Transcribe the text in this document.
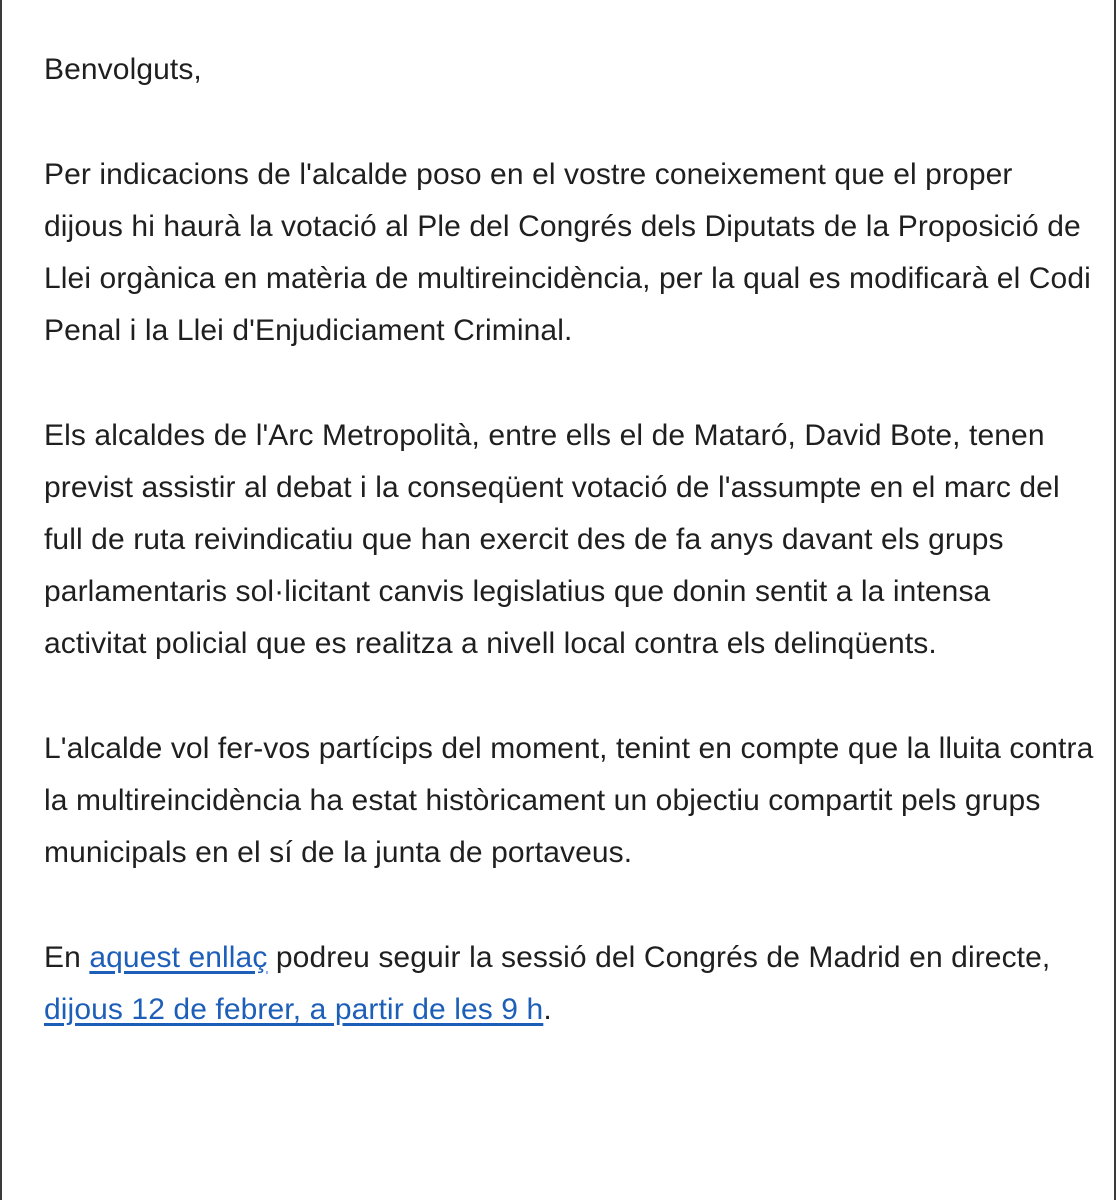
Benvolguts,

Per indicacions de l'alcalde poso en el vostre coneixement que el proper dijous hi haurà la votació al Ple del Congrés dels Diputats de la Proposició de Llei orgànica en matèria de multireincidència, per la qual es modificarà el Codi Penal i la Llei d'Enjudiciament Criminal.

Els alcaldes de l'Arc Metropolità, entre ells el de Mataró, David Bote, tenen previst assistir al debat i la conseqüent votació de l'assumpte en el marc del full de ruta reivindicatiu que han exercit des de fa anys davant els grups parlamentaris sol·licitant canvis legislatius que donin sentit a la intensa activitat policial que es realitza a nivell local contra els delinqüents.

L'alcalde vol fer-vos partícips del moment, tenint en compte que la lluita contra la multireincidència ha estat històricament un objectiu compartit pels grups municipals en el sí de la junta de portaveus.

En aquest enllaç podreu seguir la sessió del Congrés de Madrid en directe, dijous 12 de febrer, a partir de les 9 h.
